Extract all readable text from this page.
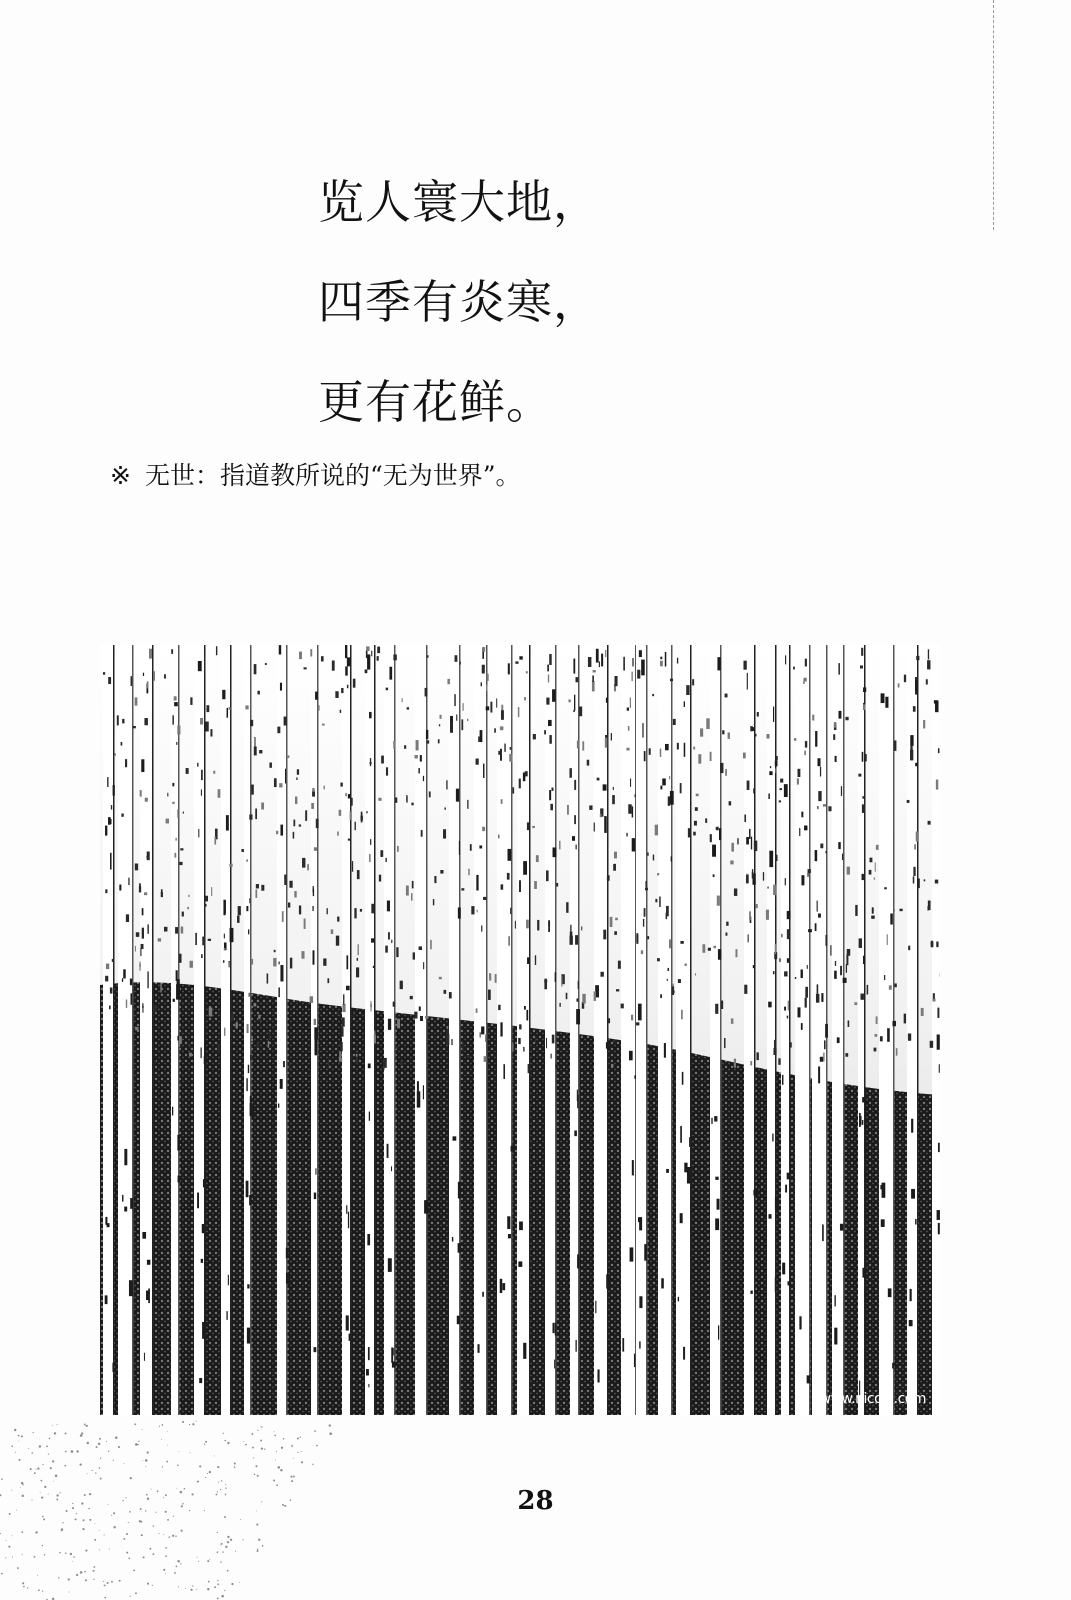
览人寰大地，
四季有炎寒，
更有花鲜。
※ 无世：指道教所说的“无为世界”。
www.nicool.com
28
